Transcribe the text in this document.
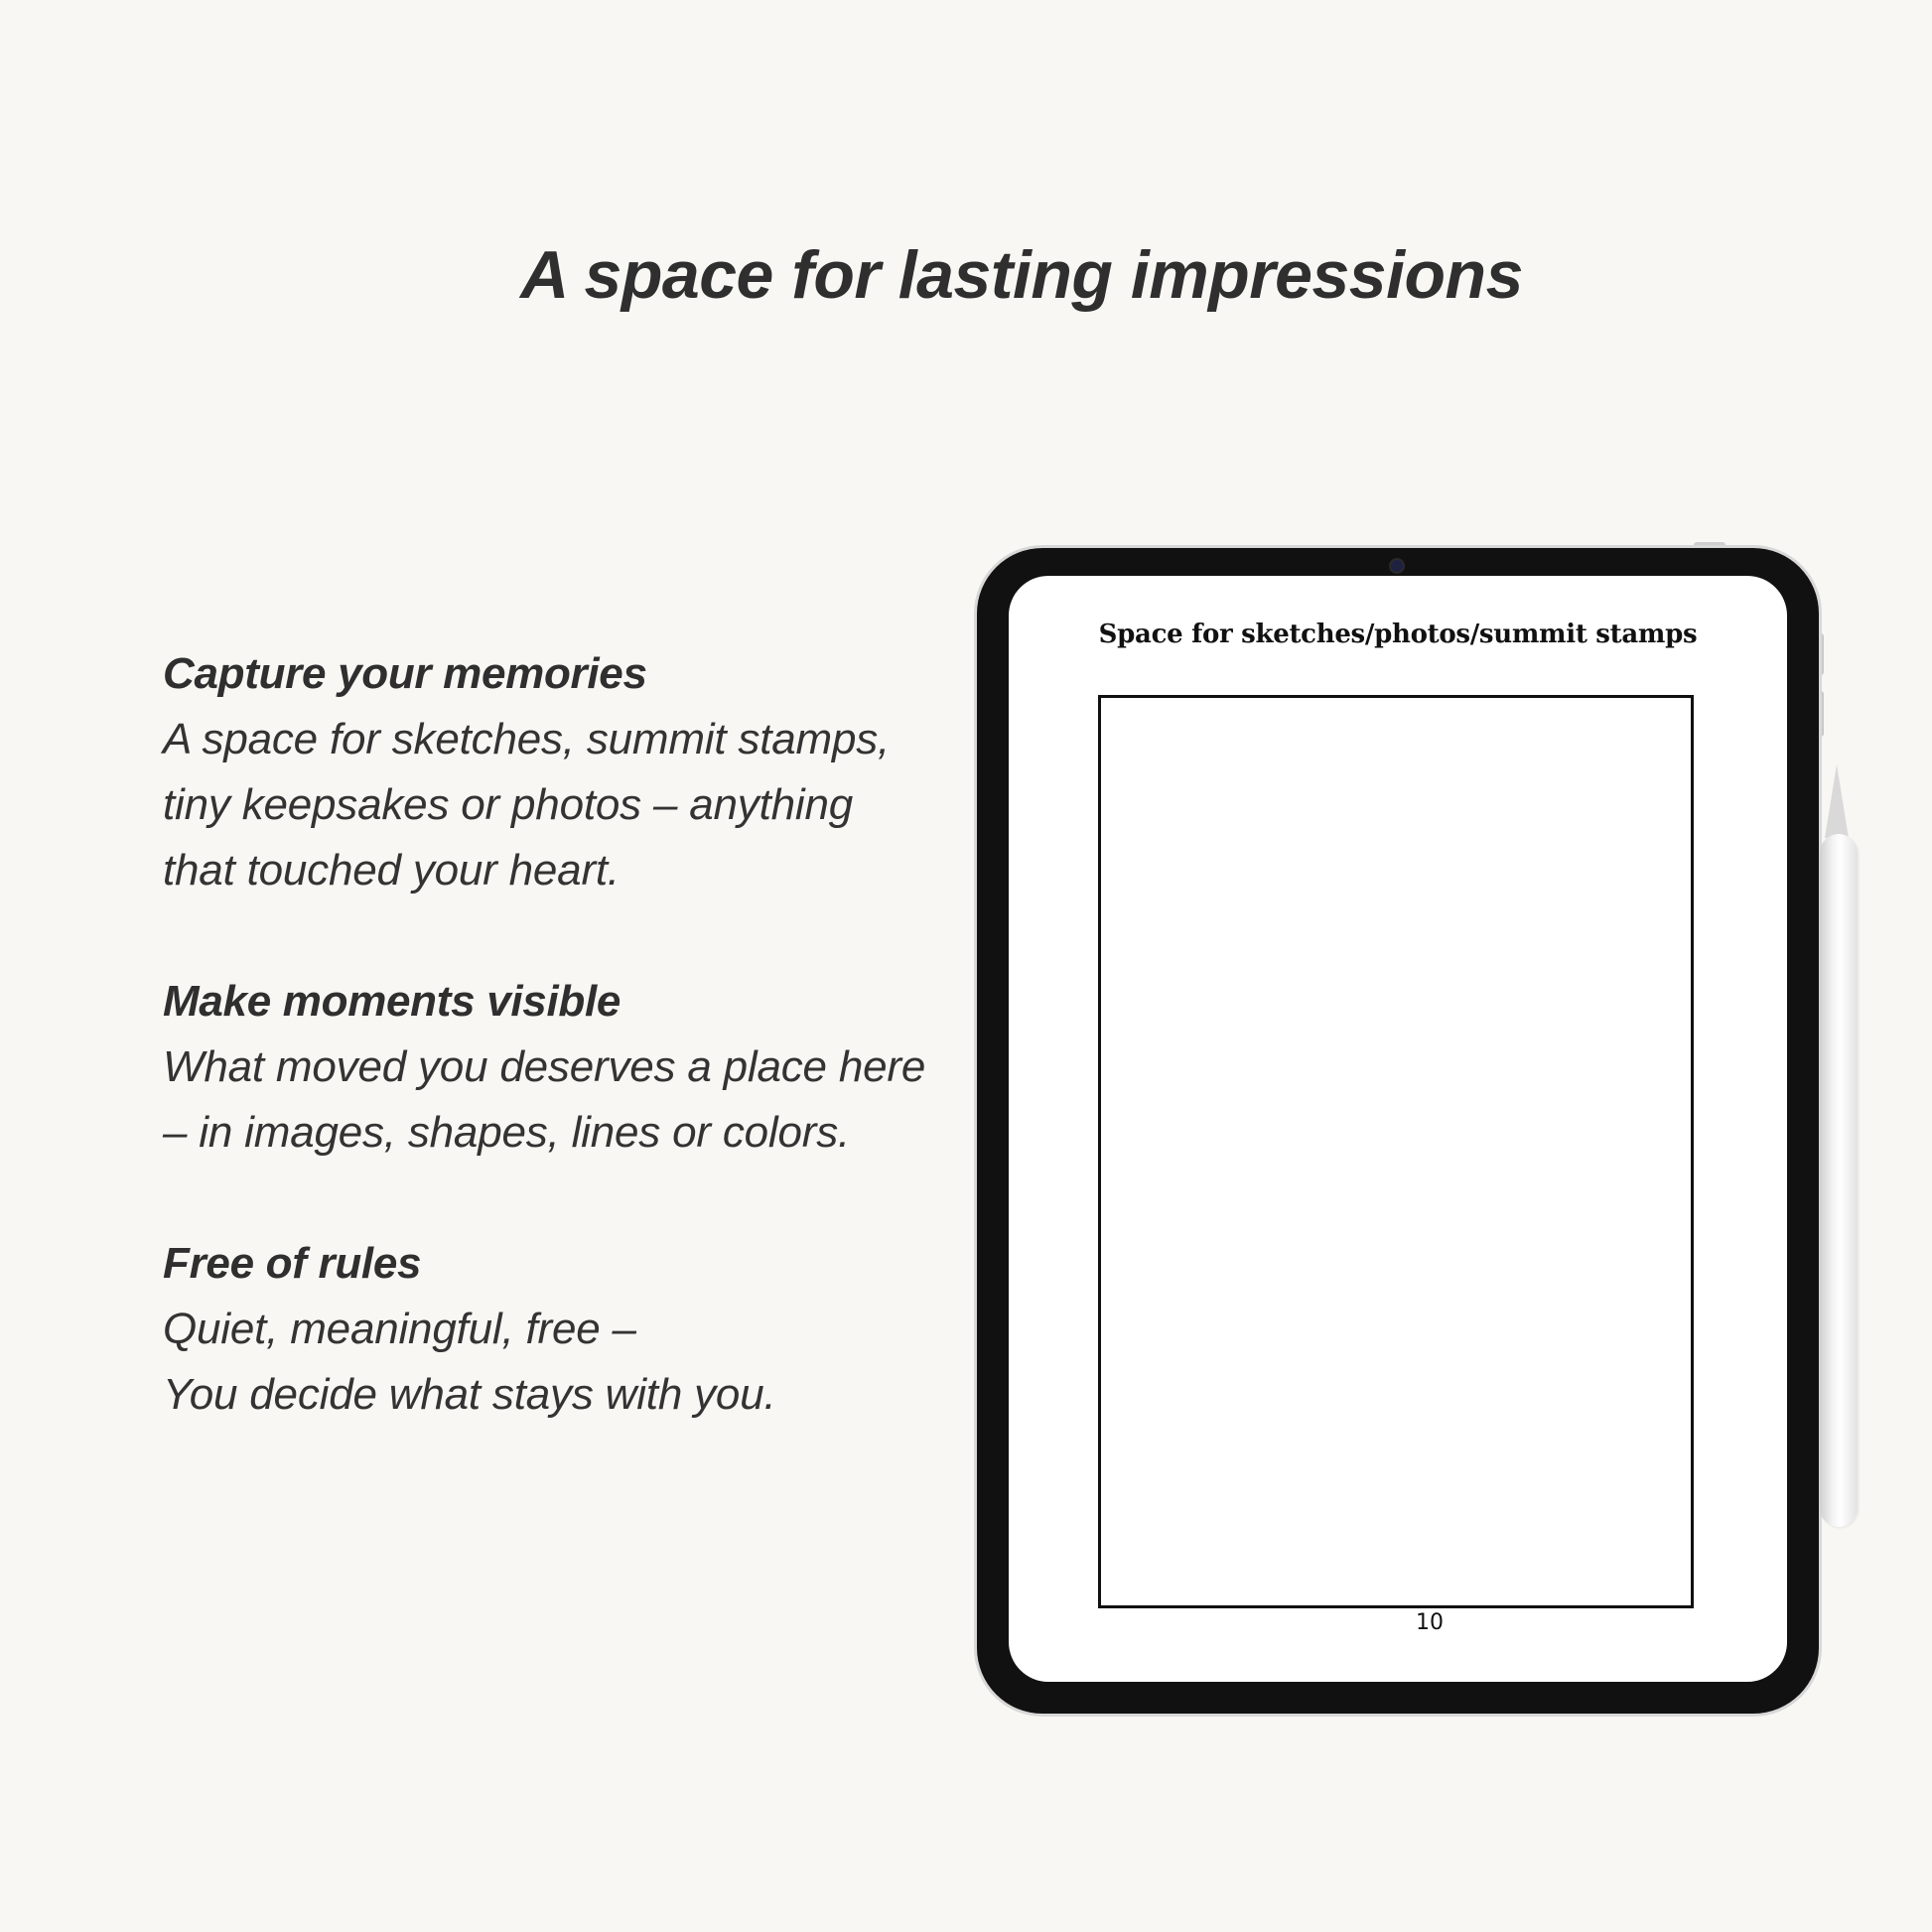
A space for lasting impressions
Capture your memories
A space for sketches, summit stamps,
tiny keepsakes or photos – anything
that touched your heart.
Make moments visible
What moved you deserves a place here
– in images, shapes, lines or colors.
Free of rules
Quiet, meaningful, free –
You decide what stays with you.
Space for sketches/photos/summit stamps
10
